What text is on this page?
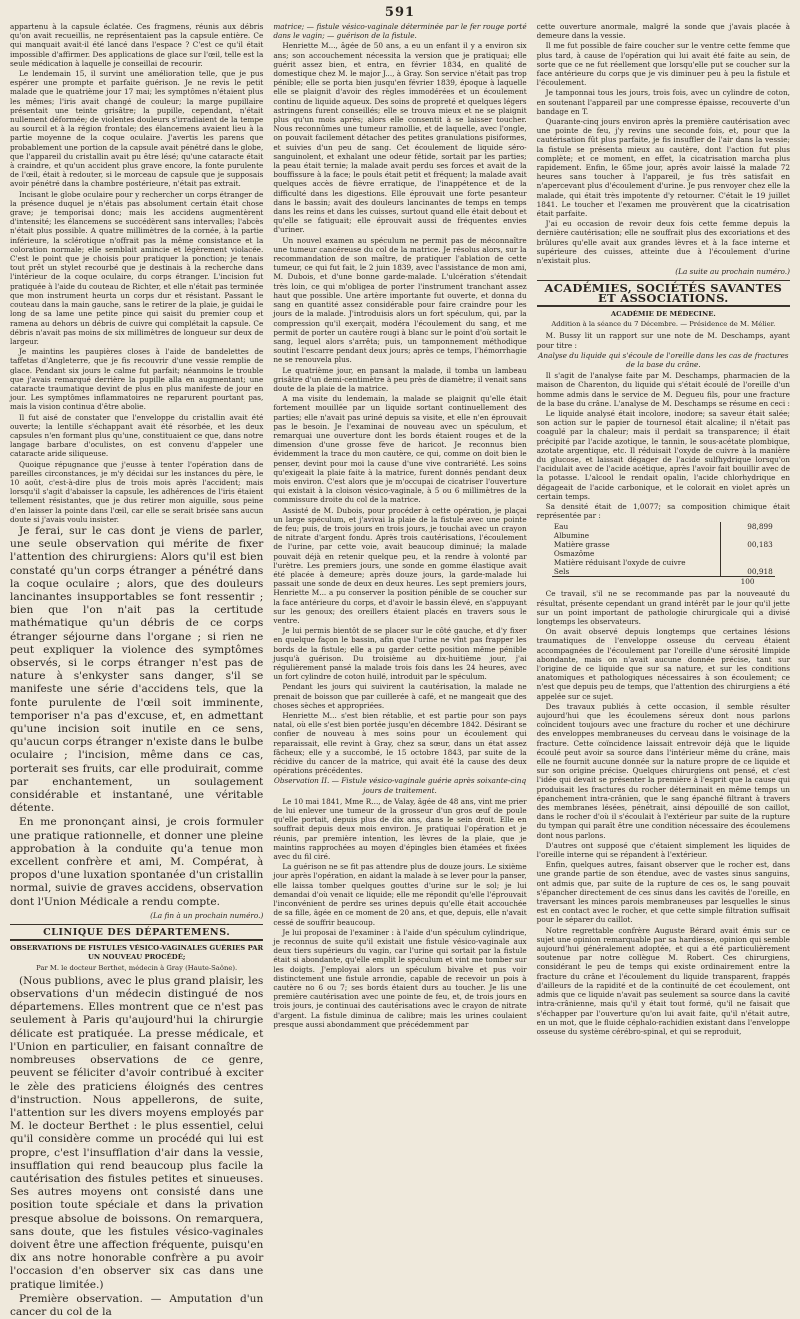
591

appartenu à la capsule éclatée. Ces fragmens, réunis aux débris qu'on avait recueillis, ne représentaient pas la capsule entière. Ce qui manquait avait-il été lancé dans l'espace ? C'est ce qu'il était impossible d'affirmer. Des applications de glace sur l'œil, telle est la seule médication à laquelle je conseillai de recourir.

Le lendemain 15, il survint une amélioration telle, que je pus espérer une prompte et parfaite guérison. Je ne revis le petit malade que le quatrième jour 17 mai; les symptômes n'étaient plus les mêmes; l'iris avait changé de couleur; la marge pupillaire présentait une teinte grisâtre; la pupille, cependant, n'était nullement déformée; de violentes douleurs s'irradiaient de la tempe au sourcil et à la région frontale; des élancemens avaient lieu à la partie moyenne de la coque oculaire. J'avertis les parens que probablement une portion de la capsule avait pénétré dans le globe, que l'appareil du cristallin avait pu être lésé; qu'une cataracte était à craindre, et qu'un accident plus grave encore, la fonte purulente de l'œil, était à redouter, si le morceau de capsule que je supposais avoir pénétré dans la chambre postérieure, n'était pas extrait.

Incisant le globe oculaire pour y rechercher un corps étranger de la présence duquel je n'étais pas absolument certain était chose grave; je temporisai donc; mais les accidens augmentèrent d'intensité; les élancemens se succédèrent sans intervalles; l'abcès n'était plus possible. A quatre millimètres de la cornée, à la partie inférieure, la sclérotique n'offrait pas la même consistance et la coloration normale; elle semblait amincie et légèrement violacée. C'est le point que je choisis pour pratiquer la ponction; je tenais tout prêt un stylet recourbé que je destinais à la recherche dans l'intérieur de la coque oculaire, du corps étranger. L'incision fut pratiquée à l'aide du couteau de Richter, et elle n'était pas terminée que mon instrument heurta un corps dur et résistant. Passant le couteau dans la main gauche, sans le retirer de la plaie, je guidai le long de sa lame une petite pince qui saisit du premier coup et ramena au dehors un débris de cuivre qui complétait la capsule. Ce débris n'avait pas moins de six millimètres de longueur sur deux de largeur.

Je maintins les paupières closes à l'aide de bandelettes de taffetas d'Angleterre, que je fis recouvrir d'une vessie remplie de glace. Pendant six jours le calme fut parfait; néanmoins le trouble que j'avais remarqué derrière la pupille alla en augmentant; une cataracte traumatique devint de plus en plus manifeste de jour en jour. Les symptômes inflammatoires ne reparurent pourtant pas, mais la vision continua d'être abolie.

Il fut aisé de constater que l'enveloppe du cristallin avait été ouverte; la lentille s'échappant avait été résorbée, et les deux capsules n'en formant plus qu'une, constituaient ce que, dans notre langage barbare d'oculistes, on est convenu d'appeler une cataracte aride siliqueuse.

Quoique répugnance que j'eusse à tenter l'opération dans de pareilles circonstances, je m'y décidai sur les instances du père, le 10 août, c'est-à-dire plus de trois mois après l'accident; mais lorsqu'il s'agit d'abaisser la capsule, les adhérences de l'iris étaient tellement résistantes, que je dus retirer mon aiguille, sous peine d'en laisser la pointe dans l'œil, car elle se serait brisée sans aucun doute si j'avais voulu insister.

Je ferai, sur le cas dont je viens de parler, une seule observation qui mérite de fixer l'attention des chirurgiens: Alors qu'il est bien constaté qu'un corps étranger a pénétré dans la coque oculaire ; alors, que des douleurs lancinantes insupportables se font ressentir ; bien que l'on n'ait pas la certitude mathématique qu'un débris de ce corps étranger séjourne dans l'organe ; si rien ne peut expliquer la violence des symptômes observés, si le corps étranger n'est pas de nature à s'enkyster sans danger, s'il se manifeste une série d'accidens tels, que la fonte purulente de l'œil soit imminente, temporiser n'a pas d'excuse, et, en admettant qu'une incision soit inutile en ce sens, qu'aucun corps étranger n'existe dans le bulbe oculaire ; l'incision, même dans ce cas, porterait ses fruits, car elle produirait, comme par enchantement, un soulagement considérable et instantané, une véritable détente.

En me prononçant ainsi, je crois formuler une pratique rationnelle, et donner une pleine approbation à la conduite qu'a tenue mon excellent confrère et ami, M. Compérat, à propos d'une luxation spontanée d'un cristallin normal, suivie de graves accidens, observation dont l'Union Médicale a rendu compte.

(La fin à un prochain numéro.)
CLINIQUE DES DÉPARTEMENS.
OBSERVATIONS DE FISTULES VÉSICO-VAGINALES GUÉRIES PAR UN NOUVEAU PROCÉDÉ;
Par M. le docteur Berthet, médecin à Gray (Haute-Saône).

(Nous publions, avec le plus grand plaisir, les observations d'un médecin distingué de nos départemens. Elles montrent que ce n'est pas seulement à Paris qu'aujourd'hui la chirurgie délicate est pratiquée. La presse médicale, et l'Union en particulier, en faisant connaître de nombreuses observations de ce genre, peuvent se féliciter d'avoir contribué à exciter le zèle des praticiens éloignés des centres d'instruction. Nous appellerons, de suite, l'attention sur les divers moyens employés par M. le docteur Berthet : le plus essentiel, celui qu'il considère comme un procédé qui lui est propre, c'est l'insufflation d'air dans la vessie, insufflation qui rend beaucoup plus facile la cautérisation des fistules petites et sinueuses. Ses autres moyens ont consisté dans une position toute spéciale et dans la privation presque absolue de boissons. On remarquera, sans doute, que les fistules vésico-vaginales doivent être une affection fréquente, puisqu'en dix ans notre honorable confrère a pu avoir l'occasion d'en observer six cas dans une pratique limitée.)

Première observation. — Amputation d'un cancer du col de la

matrice; — fistule vésico-vaginale déterminée par le fer rouge porté dans le vagin; — guérison de la fistule.

Henriette M..., âgée de 50 ans, a eu un enfant il y a environ six ans; son accouchement nécessita la version que je pratiquai; elle guérit assez bien, et entra, en février 1834, en qualité de domestique chez M. le major J..., à Gray. Son service n'était pas trop pénible; elle se porta bien jusqu'en février 1839, époque à laquelle elle se plaignit d'avoir des règles immodérées et un écoulement continu de liquide aqueux. Des soins de propreté et quelques légers astringens furent conseillés; elle se trouva mieux et ne se plaignit plus qu'un mois après; alors elle consentit à se laisser toucher. Nous reconnûmes une tumeur ramollie, et de laquelle, avec l'ongle, on pouvait facilement détacher des petites granulations pisiformes, et suivies d'un peu de sang. Cet écoulement de liquide séro-sanguinolent, et exhalant une odeur fétide, sortait par les parties; la peau était ternie; la malade avait perdu ses forces et avait de la bouffissure à la face; le pouls était petit et fréquent; la malade avait quelques accès de fièvre erratique, de l'inappétence et de la difficulté dans les digestions. Elle éprouvait une forte pesanteur dans le bassin; avait des douleurs lancinantes de temps en temps dans les reins et dans les cuisses, surtout quand elle était debout et qu'elle se fatiguait; elle éprouvait aussi de fréquentes envies d'uriner.

Un nouvel examen au spéculum ne permit pas de méconnaître une tumeur cancéreuse du col de la matrice. Je résolus alors, sur la recommandation de son maître, de pratiquer l'ablation de cette tumeur, ce qui fut fait, le 2 juin 1839, avec l'assistance de mon ami, M. Dubois, et d'une bonne garde-malade. L'ulcération s'étendait très loin, ce qui m'obligea de porter l'instrument tranchant assez haut que possible. Une artère importante fut ouverte, et donna du sang en quantité assez considérable pour faire craindre pour les jours de la malade. J'introduisis alors un fort spéculum, qui, par la compression qu'il exerçait, modéra l'écoulement du sang, et me permit de porter un cautère rougi à blanc sur le point d'où sortait le sang, lequel alors s'arrêta; puis, un tamponnement méthodique soutint l'escarre pendant deux jours; après ce temps, l'hémorrhagie ne se renouvela plus.

Le quatrième jour, en pansant la malade, il tomba un lambeau grisâtre d'un demi-centimètre à peu près de diamètre; il venait sans doute de la plaie de la matrice.

A ma visite du lendemain, la malade se plaignit qu'elle était fortement mouillée par un liquide sortant continuellement des parties; elle n'avait pas uriné depuis sa visite, et elle n'en éprouvait pas le besoin. Je l'examinai de nouveau avec un spéculum, et remarquai une ouverture dont les bords étaient rouges et de la dimension d'une grosse fève de haricot. Je reconnus bien évidemment la trace du mon cautère, ce qui, comme on doit bien le penser, devint pour moi la cause d'une vive contrariété. Les soins qu'exigeait la plaie faite à la matrice, furent donnés pendant deux mois environ. C'est alors que je m'occupai de cicatriser l'ouverture qui existait à la cloison vésico-vaginale, à 5 ou 6 millimètres de la commissure droite du col de la matrice.

Assisté de M. Dubois, pour procéder à cette opération, je plaçai un large spéculum, et j'avivai la plaie de la fistule avec une pointe de feu; puis, de trois jours en trois jours, je touchai avec un crayon de nitrate d'argent fondu. Après trois cautérisations, l'écoulement de l'urine, par cette voie, avait beaucoup diminué; la malade pouvait déjà en retenir quelque peu, et la rendre à volonté par l'urètre. Les premiers jours, une sonde en gomme élastique avait été placée à demeure; après douze jours, la garde-malade lui passait une sonde de deux en deux heures. Les sept premiers jours, Henriette M... a pu conserver la position pénible de se coucher sur la face antérieure du corps, et d'avoir le bassin élevé, en s'appuyant sur les genoux; des oreillers étaient placés en travers sous le ventre.

Je lui permis bientôt de se placer sur le côté gauche, et d'y fixer en quelque façon le bassin, afin que l'urine ne vînt pas frapper les bords de la fistule; elle a pu garder cette position même pénible jusqu'à guérison. Du troisième au dix-huitième jour, j'ai régulièrement pansé la malade trois fois dans les 24 heures, avec un fort cylindre de coton huilé, introduit par le spéculum.

Pendant les jours qui suivirent la cautérisation, la malade ne prenait de boisson que par cuillerée à café, et ne mangeait que des choses sèches et appropriées.

Henriette M... s'est bien rétablie, et est partie pour son pays natal, où elle s'est bien portée jusqu'en décembre 1842. Désirant se confier de nouveau à mes soins pour un écoulement qui reparaissait, elle revint à Gray, chez sa sœur, dans un état assez fâcheux; elle y a succombé, le 15 octobre 1843, par suite de la récidive du cancer de la matrice, qui avait été la cause des deux opérations précédentes.

Observation II. — Fistule vésico-vaginale guérie après soixante-cinq jours de traitement.

Le 10 mai 1841, Mme R..., de Valay, âgée de 48 ans, vint me prier de lui enlever une tumeur de la grosseur d'un gros œuf de poule qu'elle portait, depuis plus de dix ans, dans le sein droit. Elle en souffrait depuis deux mois environ. Je pratiquai l'opération et je réunis, par première intention, les lèvres de la plaie, que je maintins rapprochées au moyen d'épingles bien étamées et fixées avec du fil ciré.

La guérison ne se fit pas attendre plus de douze jours. Le sixième jour après l'opération, en aidant la malade à se lever pour la panser, elle laissa tomber quelques gouttes d'urine sur le sol; je lui demandai d'où venait ce liquide; elle me répondit qu'elle l'éprouvait l'inconvénient de perdre ses urines depuis qu'elle était accouchée de sa fille, âgée en ce moment de 20 ans, et que, depuis, elle n'avait cessé de souffrir beaucoup.

Je lui proposai de l'examiner : à l'aide d'un spéculum cylindrique, je reconnus de suite qu'il existait une fistule vésico-vaginale aux deux tiers supérieurs du vagin, car l'urine qui sortait par la fistule était si abondante, qu'elle emplit le spéculum et vint me tomber sur les doigts. J'employai alors un spéculum bivalve et pus voir distinctement une fistule arrondie, capable de recevoir un pois à cautère no 6 ou 7; ses bords étaient durs au toucher. Je lis une première cautérisation avec une pointe de feu, et, de trois jours en trois jours, je continuai des cautérisations avec le crayon de nitrate d'argent. La fistule diminua de calibre; mais les urines coulaient presque aussi abondamment que précédemment par

cette ouverture anormale, malgré la sonde que j'avais placée à demeure dans la vessie.

Il me fut possible de faire coucher sur le ventre cette femme que plus tard, à cause de l'opération qui lui avait été faite au sein, de sorte que ce ne fut réellement que lorsqu'elle put se coucher sur la face antérieure du corps que je vis diminuer peu à peu la fistule et l'écoulement.

Je tamponnai tous les jours, trois fois, avec un cylindre de coton, en soutenant l'appareil par une compresse épaisse, recouverte d'un bandage en T.

Quarante-cinq jours environ après la première cautérisation avec une pointe de feu, j'y revins une seconde fois, et, pour que la cautérisation fût plus parfaite, je fis insuffler de l'air dans la vessie; la fistule se présenta mieux au cautère, dont l'action fut plus complète; et ce moment, en effet, la cicatrisation marcha plus rapidement. Enfin, le 65me jour, après avoir laissé la malade 72 heures sans toucher à l'appareil, je fus très satisfait en n'apercevant plus d'écoulement d'urine. Je pus renvoyer chez elle la malade, qui était très impotente d'y retourner. C'était le 19 juillet 1841. Le toucher et l'examen me prouvèrent que la cicatrisation était parfaite.

J'ai eu occasion de revoir deux fois cette femme depuis la dernière cautérisation; elle ne souffrait plus des excoriations et des brûlures qu'elle avait aux grandes lèvres et à la face interne et supérieure des cuisses, atteinte due à l'écoulement d'urine n'existait plus.

(La suite au prochain numéro.)
ACADÉMIES, SOCIÉTÉS SAVANTES ET ASSOCIATIONS.
ACADÉMIE DE MÉDECINE.
Addition à la séance du 7 Décembre. — Présidence de M. Mélier.

M. Bussy lit un rapport sur une note de M. Deschamps, ayant pour titre :

Analyse du liquide qui s'écoule de l'oreille dans les cas de fractures de la base du crâne.

Il s'agit de l'analyse faite par M. Deschamps, pharmacien de la maison de Charenton, du liquide qui s'était écoulé de l'oreille d'un homme admis dans le service de M. Degueu fils, pour une fracture de la base du crâne. L'analyse de M. Deschamps se résume en ceci :

Le liquide analysé était incolore, inodore; sa saveur était salée; son action sur le papier de tournesol était alcaline; il n'était pas coagulé par la chaleur; mais il perdait sa transparence; il était précipité par l'acide azotique, le tannin, le sous-acétate plombique, azotate argentique, etc. Il réduisait l'oxyde de cuivre à la manière du glucose, et laissait dégager de l'acide sulfhydrique lorsqu'on l'acidulait avec de l'acide acétique, après l'avoir fait bouillir avec de la potasse. L'alcool le rendait opalin, l'acide chlorhydrique en dégageait de l'acide carbonique, et le colorait en violet après un certain temps.

Sa densité était de 1,0077; sa composition chimique était représentée par :

Eau	98,899
Albumine	
Matière grasse	00,183
Osmazôme	
Matière réduisant l'oxyde de cuivre	
Sels	00,918
	100

Ce travail, s'il ne se recommande pas par la nouveauté du résultat, présente cependant un grand intérêt par le jour qu'il jette sur un point important de pathologie chirurgicale qui a divisé longtemps les observateurs.

On avait observé depuis longtemps que certaines lésions traumatiques de l'enveloppe osseuse du cerveau étaient accompagnées de l'écoulement par l'oreille d'une sérosité limpide abondante, mais on n'avait aucune donnée précise, tant sur l'origine de ce liquide que sur sa nature, et sur les conditions anatomiques et pathologiques nécessaires à son écoulement; ce n'est que depuis peu de temps, que l'attention des chirurgiens a été appelée sur ce sujet.

Des travaux publiés à cette occasion, il semble résulter aujourd'hui que les écoulemens séreux dont nous parlons coïncident toujours avec une fracture du rocher et une déchirure des enveloppes membraneuses du cerveau dans le voisinage de la fracture. Cette coïncidence laissait entrevoir déjà que le liquide écoulé peut avoir sa source dans l'intérieur même du crâne, mais elle ne fournit aucune donnée sur la nature propre de ce liquide et sur son origine précise. Quelques chirurgiens ont pensé, et c'est l'idée qui devait se présenter la première à l'esprit que la cause qui produisait les fractures du rocher déterminait en même temps un épanchement intra-crânien, que le sang épanché filtrant à travers des membranes lésées, pénétrait, ainsi dépouillé de son caillot, dans le rocher d'où il s'écoulait à l'extérieur par suite de la rupture du tympan qui paraît être une condition nécessaire des écoulemens dont nous parlons.

D'autres ont supposé que c'étaient simplement les liquides de l'oreille interne qui se répandent à l'extérieur.

Enfin, quelques autres, faisant observer que le rocher est, dans une grande partie de son étendue, avec de vastes sinus sanguins, ont admis que, par suite de la rupture de ces os, le sang pouvait s'épancher directement de ces sinus dans les cavités de l'oreille, en traversant les minces parois membraneuses par lesquelles le sinus est en contact avec le rocher, et que cette simple filtration suffisait pour le séparer du caillot.

Notre regrettable confrère Auguste Bérard avait émis sur ce sujet une opinion remarquable par sa hardiesse, opinion qui semble aujourd'hui généralement adoptée, et qui a été particulièrement soutenue par notre collègue M. Robert. Ces chirurgiens, considérant le peu de temps qui existe ordinairement entre la fracture du crâne et l'écoulement du liquide transparent, frappés d'ailleurs de la rapidité et de la continuité de cet écoulement, ont admis que ce liquide n'avait pas seulement sa source dans la cavité intra-crânienne, mais qu'il y était tout formé, qu'il ne faisait que s'échapper par l'ouverture qu'on lui avait faite, qu'il n'était autre, en un mot, que le fluide céphalo-rachidien existant dans l'enveloppe osseuse du système cérébro-spinal, et qui se reproduit,
